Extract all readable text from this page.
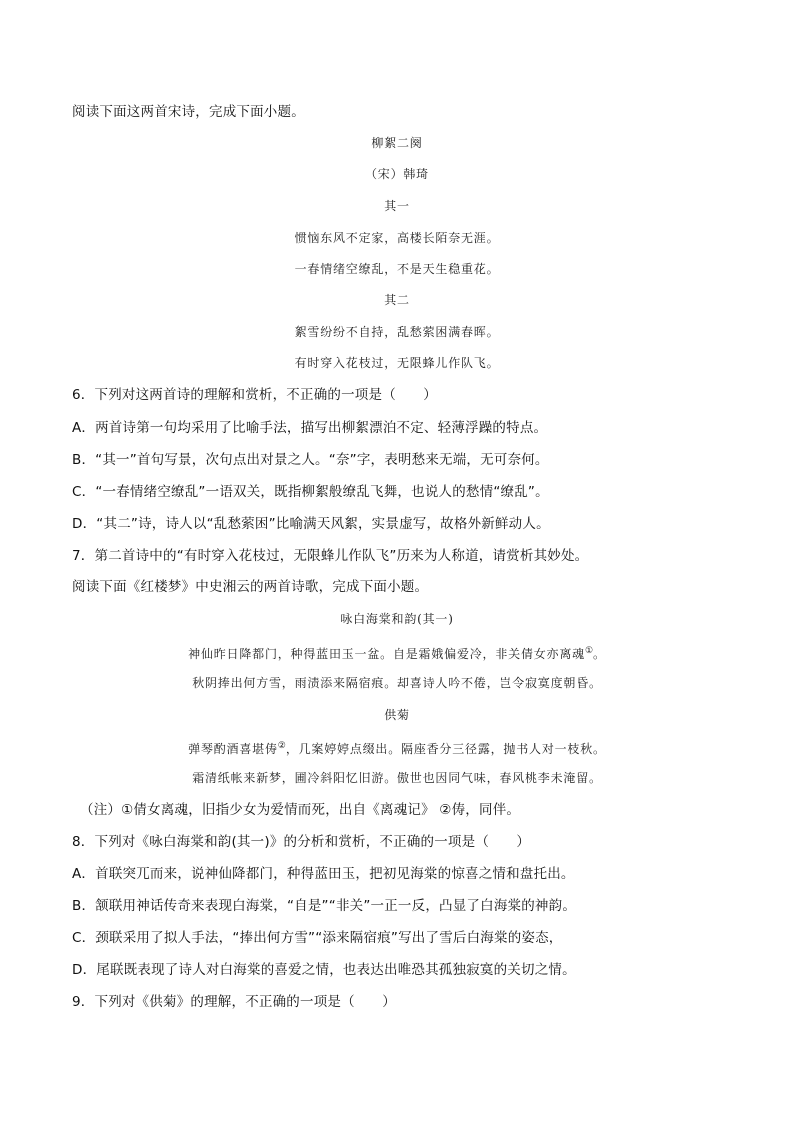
阅读下面这两首宋诗，完成下面小题。
柳絮二阕
（宋）韩琦
其一
惯恼东风不定家，高楼长陌奈无涯。
一春情绪空缭乱，不是天生稳重花。
其二
絮雪纷纷不自持，乱愁萦困满春晖。
有时穿入花枝过，无限蜂儿作队飞。
6．下列对这两首诗的理解和赏析，不正确的一项是（　　）
A．两首诗第一句均采用了比喻手法，描写出柳絮漂泊不定、轻薄浮躁的特点。
B．“其一”首句写景，次句点出对景之人。“奈”字，表明愁来无端，无可奈何。
C．“一春情绪空缭乱”一语双关，既指柳絮般缭乱飞舞，也说人的愁情“缭乱”。
D．“其二”诗，诗人以“乱愁萦困”比喻满天风絮，实景虚写，故格外新鲜动人。
7．第二首诗中的“有时穿入花枝过，无限蜂儿作队飞”历来为人称道，请赏析其妙处。
阅读下面《红楼梦》中史湘云的两首诗歌，完成下面小题。
咏白海棠和韵(其一)
神仙昨日降都门，种得蓝田玉一盆。自是霜娥偏爱冷，非关倩女亦离魂①。
秋阴捧出何方雪，雨渍添来隔宿痕。却喜诗人吟不倦，岂令寂寞度朝昏。
供菊
弹琴酌酒喜堪俦②，几案婷婷点缀出。隔座香分三径露，抛书人对一枝秋。
霜清纸帐来新梦，圃冷斜阳忆旧游。傲世也因同气味，春风桃李未淹留。
（注）①倩女离魂，旧指少女为爱情而死，出自《离魂记》 ②俦，同伴。
8．下列对《咏白海棠和韵(其一)》的分析和赏析，不正确的一项是（　　）
A．首联突兀而来，说神仙降都门，种得蓝田玉，把初见海棠的惊喜之情和盘托出。
B．颔联用神话传奇来表现白海棠，“自是”“非关”一正一反，凸显了白海棠的神韵。
C．颈联采用了拟人手法，“捧出何方雪”“添来隔宿痕”写出了雪后白海棠的姿态，
D．尾联既表现了诗人对白海棠的喜爱之情，也表达出唯恐其孤独寂寞的关切之情。
9．下列对《供菊》的理解，不正确的一项是（　　）
